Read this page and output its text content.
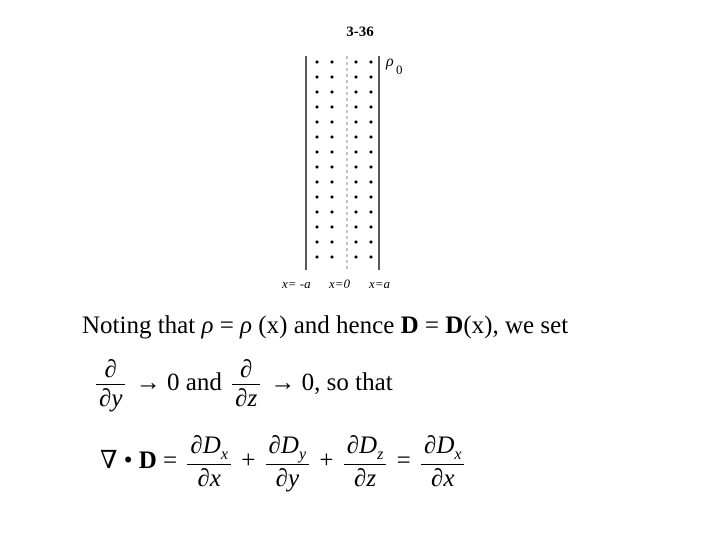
3-36
ρ 0
x= -a x=0 x=a
Noting that ρ = ρ (x) and hence D = D(x), we set
$\frac{\partial}{\partial y} \to 0$ and $\frac{\partial}{\partial z} \to 0$, so that
∇ • $D = \frac{\partial D_x}{\partial x} + \frac{\partial D_y}{\partial y} + \frac{\partial D_z}{\partial z} = \frac{\partial D_x}{\partial x}$
